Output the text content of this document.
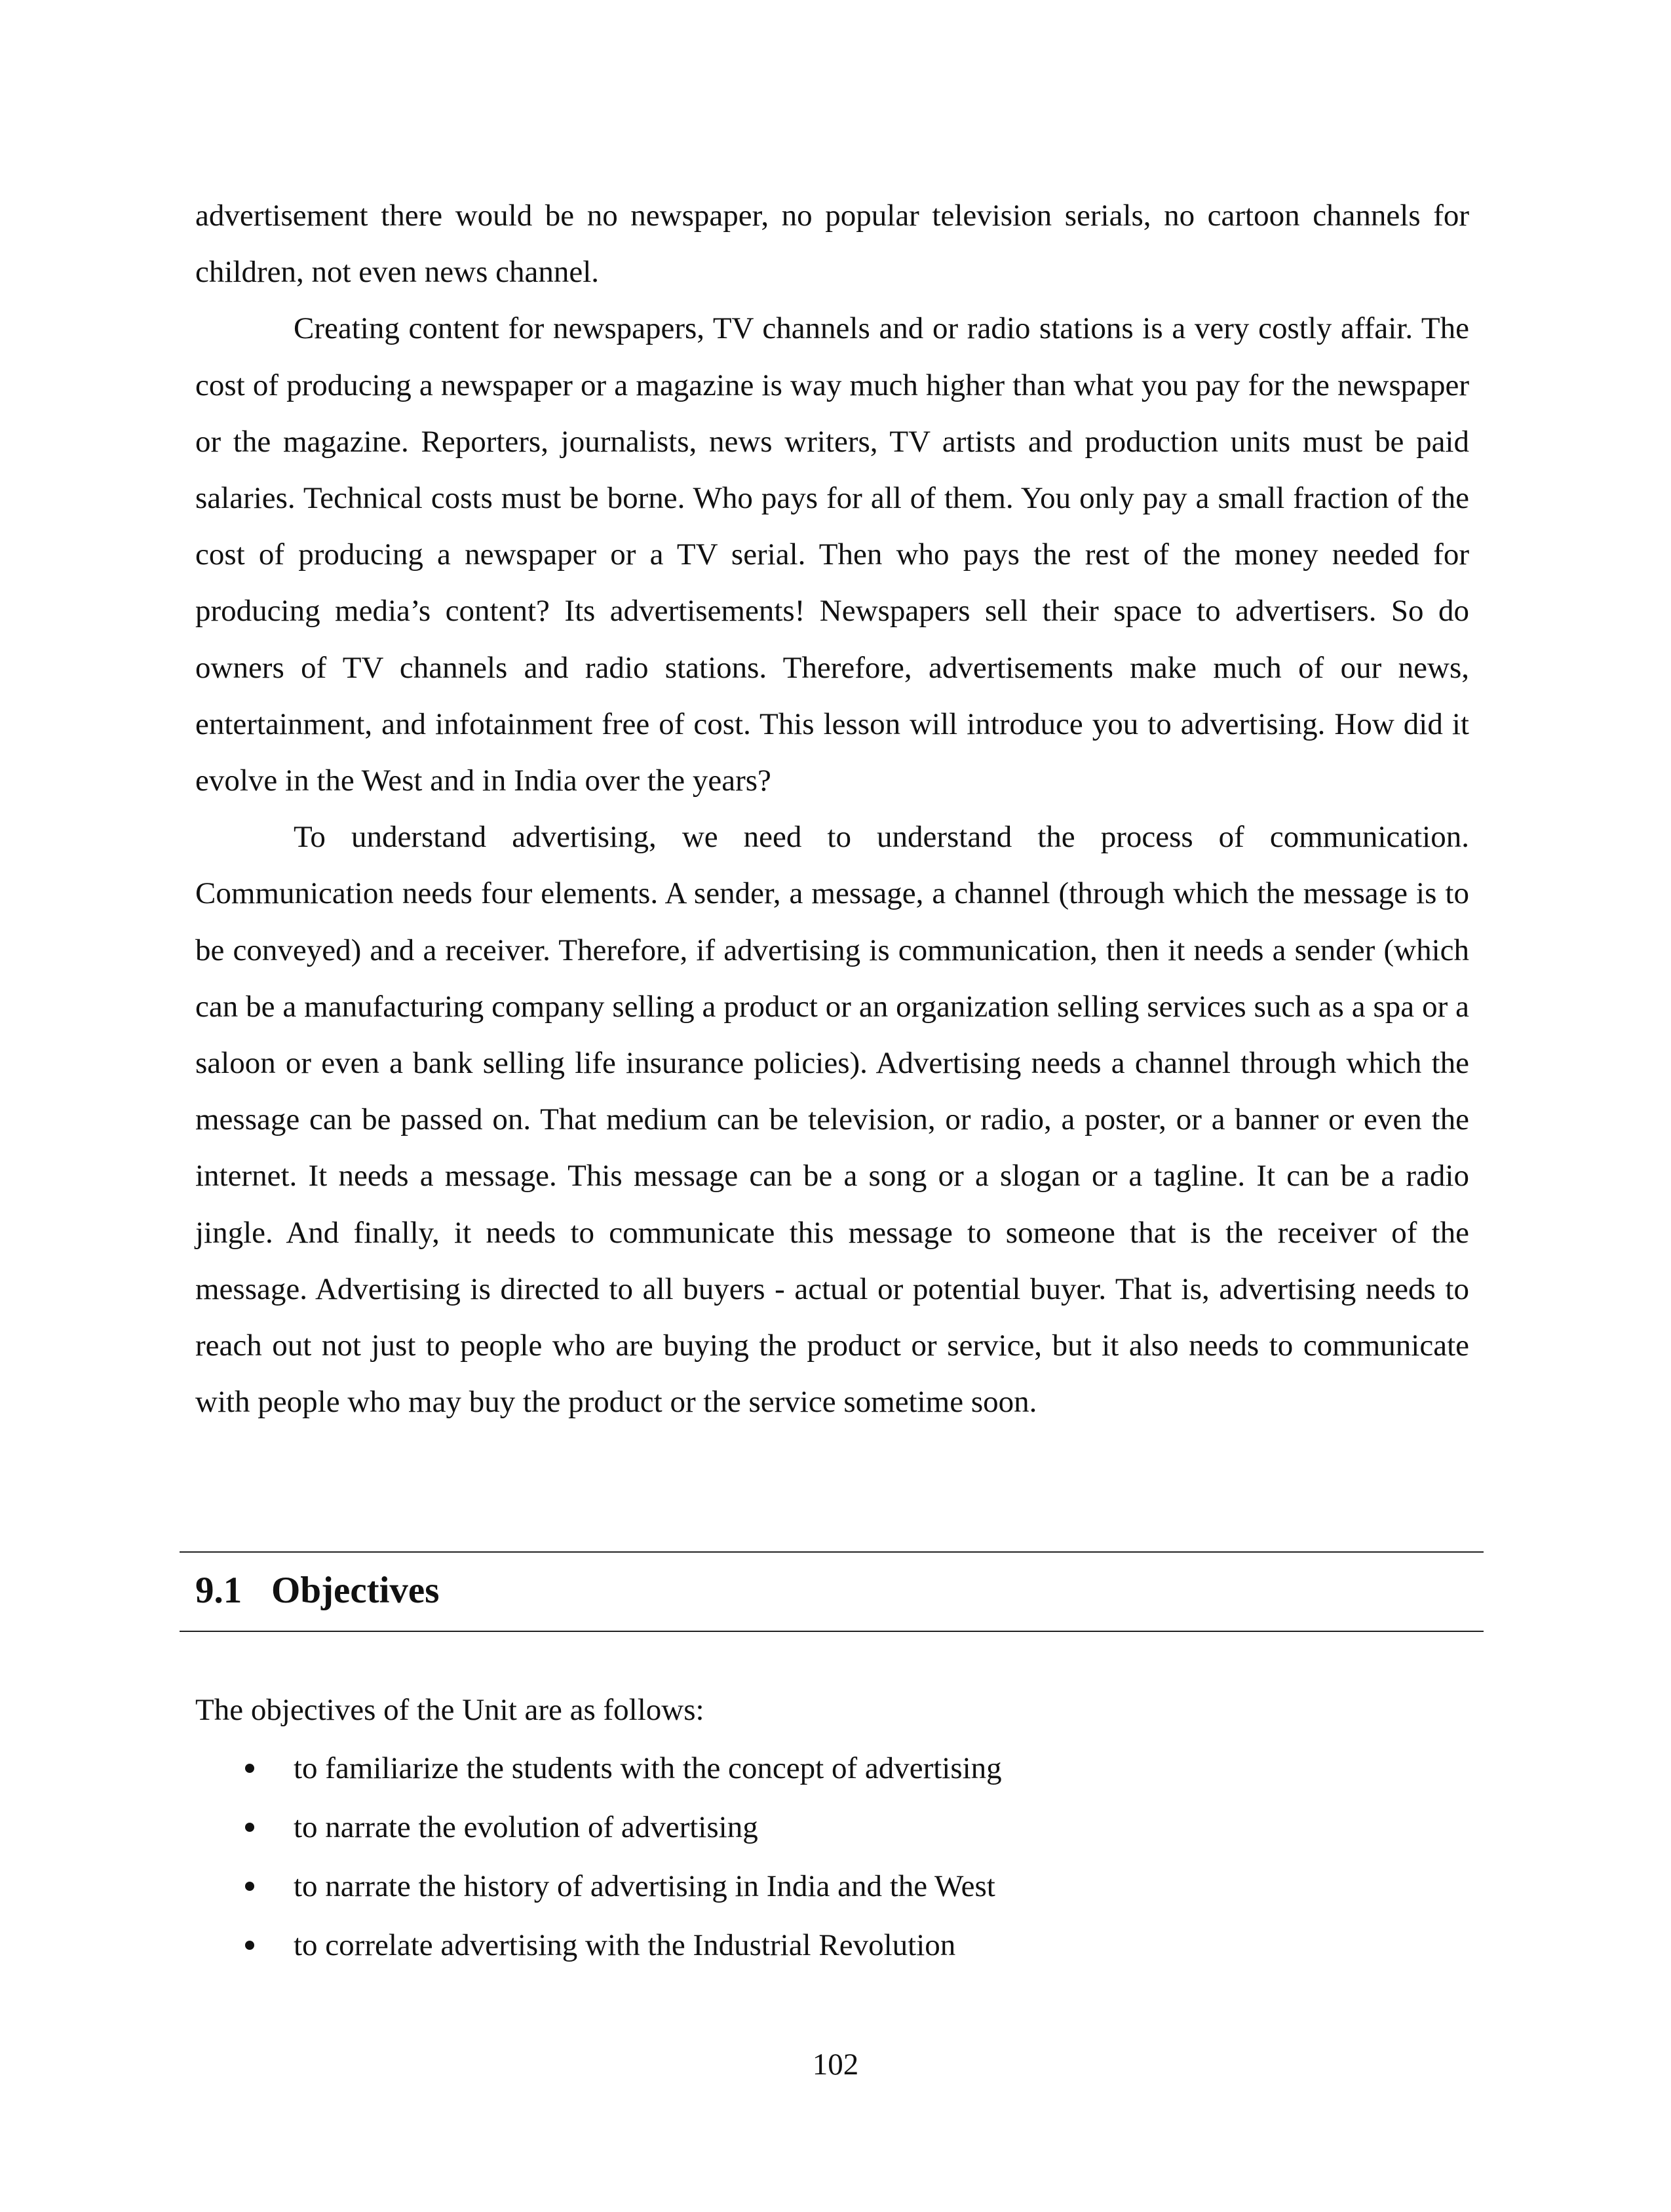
advertisement there would be no newspaper, no popular television serials, no cartoon channels for children, not even news channel.

Creating content for newspapers, TV channels and or radio stations is a very costly affair. The cost of producing a newspaper or a magazine is way much higher than what you pay for the newspaper or the magazine. Reporters, journalists, news writers, TV artists and production units must be paid salaries. Technical costs must be borne. Who pays for all of them. You only pay a small fraction of the cost of producing a newspaper or a TV serial. Then who pays the rest of the money needed for producing media’s content? Its advertisements! Newspapers sell their space to advertisers. So do owners of TV channels and radio stations. Therefore, advertisements make much of our news, entertainment, and infotainment free of cost. This lesson will introduce you to advertising. How did it evolve in the West and in India over the years?

To understand advertising, we need to understand the process of communication. Communication needs four elements. A sender, a message, a channel (through which the message is to be conveyed) and a receiver. Therefore, if advertising is communication, then it needs a sender (which can be a manufacturing company selling a product or an organization selling services such as a spa or a saloon or even a bank selling life insurance policies). Advertising needs a channel through which the message can be passed on. That medium can be television, or radio, a poster, or a banner or even the internet. It needs a message. This message can be a song or a slogan or a tagline. It can be a radio jingle. And finally, it needs to communicate this message to someone that is the receiver of the message. Advertising is directed to all buyers - actual or potential buyer. That is, advertising needs to reach out not just to people who are buying the product or service, but it also needs to communicate with people who may buy the product or the service sometime soon.

9.1 Objectives
The objectives of the Unit are as follows:
to familiarize the students with the concept of advertising
to narrate the evolution of advertising
to narrate the history of advertising in India and the West
to correlate advertising with the Industrial Revolution
102
